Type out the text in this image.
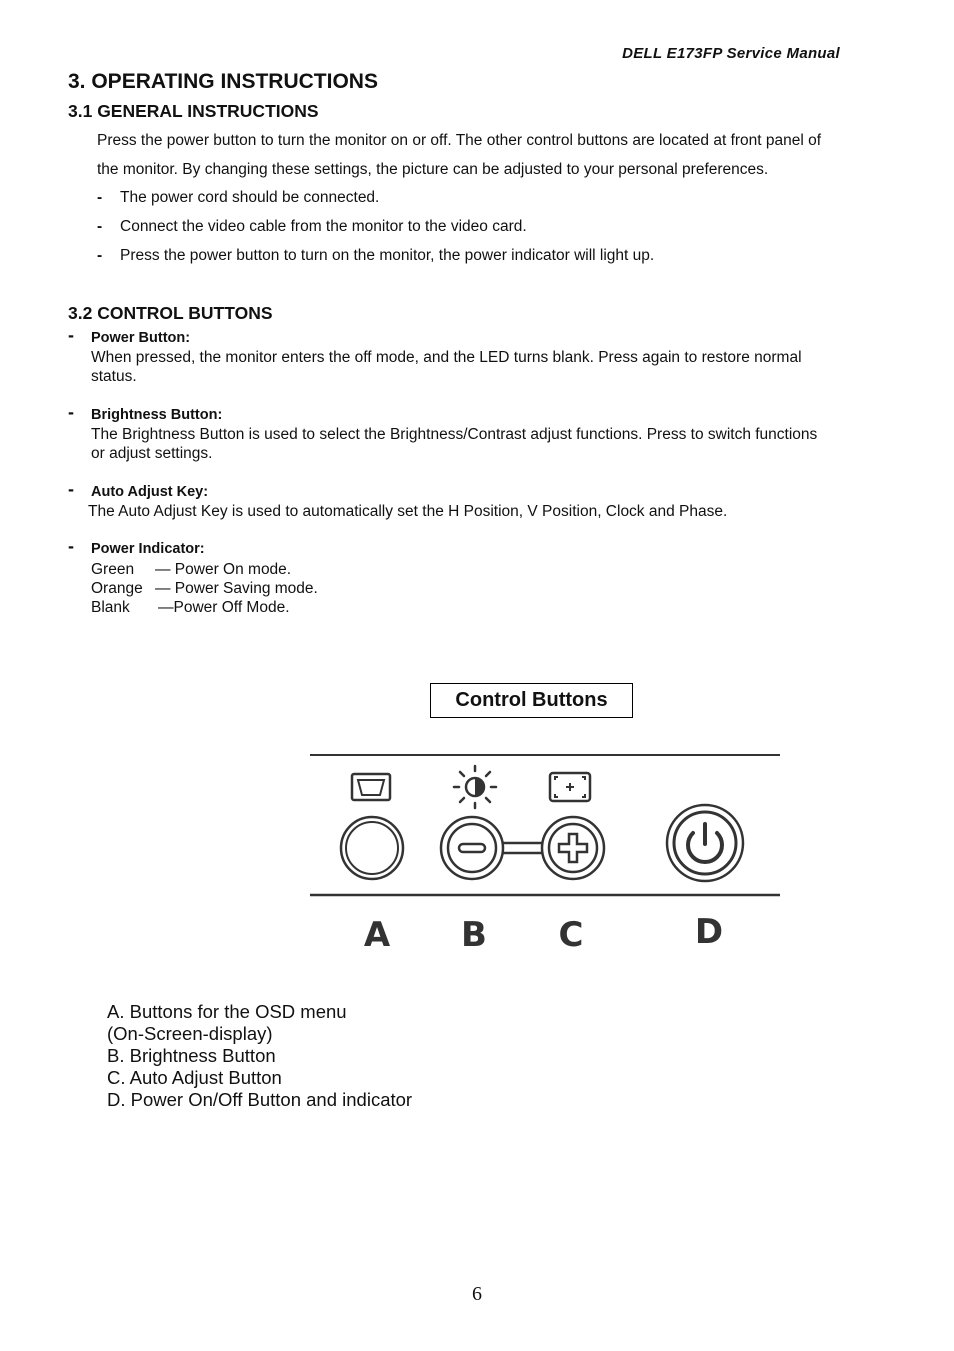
DELL E173FP Service Manual
3. OPERATING INSTRUCTIONS
3.1 GENERAL INSTRUCTIONS
Press the power button to turn the monitor on or off. The other control buttons are located at front panel of
the monitor. By changing these settings, the picture can be adjusted to your personal preferences.
- The power cord should be connected.
- Connect the video cable from the monitor to the video card.
- Press the power button to turn on the monitor, the power indicator will light up.
3.2 CONTROL BUTTONS
- Power Button:
When pressed, the monitor enters the off mode, and the LED turns blank. Press again to restore normal
status.
- Brightness Button:
The Brightness Button is used to select the Brightness/Contrast adjust functions. Press to switch functions
or adjust settings.
- Auto Adjust Key:
The Auto Adjust Key is used to automatically set the H Position, V Position, Clock and Phase.
- Power Indicator:
Green — Power On mode.
Orange — Power Saving mode.
Blank —Power Off Mode.
Control Buttons
A B C	D
A. Buttons for the OSD menu
(On-Screen-display)
B. Brightness Button
C. Auto Adjust Button
D. Power On/Off Button and indicator
6
